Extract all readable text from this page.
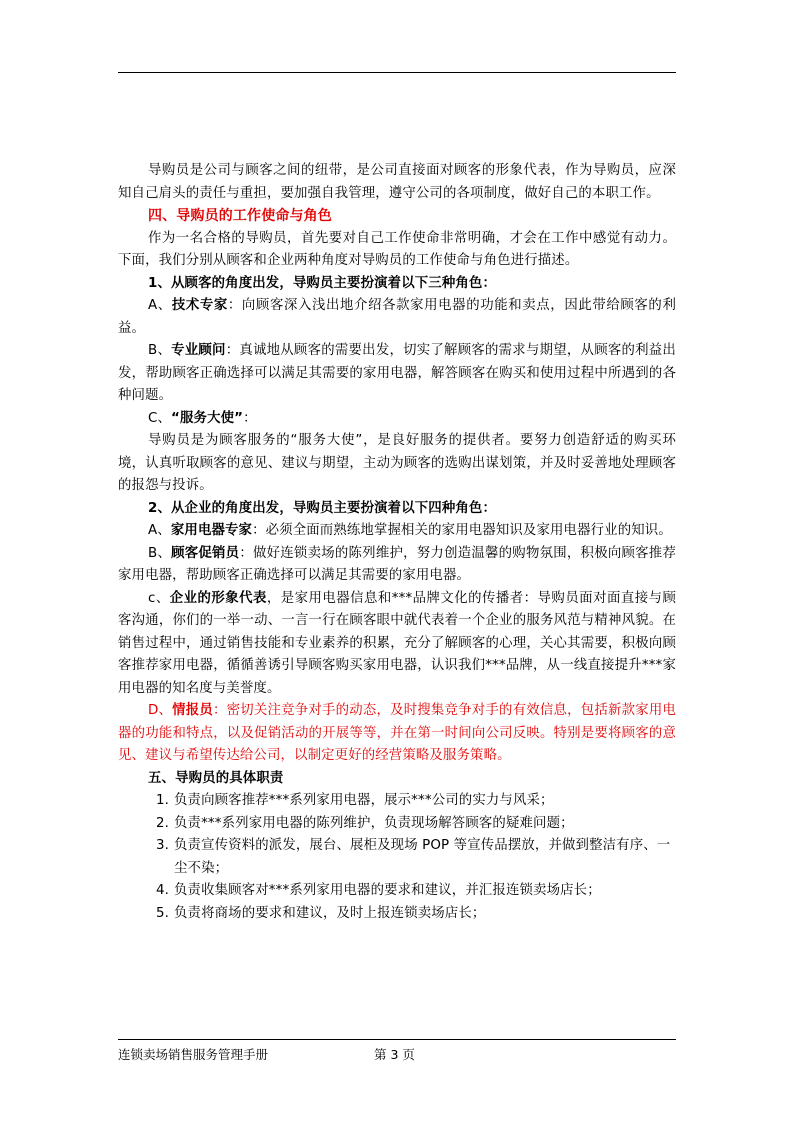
导购员是公司与顾客之间的纽带，是公司直接面对顾客的形象代表，作为导购员，应深知自己肩头的责任与重担，要加强自我管理，遵守公司的各项制度，做好自己的本职工作。

四、导购员的工作使命与角色

作为一名合格的导购员，首先要对自己工作使命非常明确，才会在工作中感觉有动力。下面，我们分别从顾客和企业两种角度对导购员的工作使命与角色进行描述。

1、从顾客的角度出发，导购员主要扮演着以下三种角色：

A、技术专家：向顾客深入浅出地介绍各款家用电器的功能和卖点，因此带给顾客的利益。

B、专业顾问：真诚地从顾客的需要出发，切实了解顾客的需求与期望，从顾客的利益出发，帮助顾客正确选择可以满足其需要的家用电器，解答顾客在购买和使用过程中所遇到的各种问题。

C、“服务大使”：

导购员是为顾客服务的“服务大使”，是良好服务的提供者。要努力创造舒适的购买环境，认真听取顾客的意见、建议与期望，主动为顾客的选购出谋划策，并及时妥善地处理顾客的报怨与投诉。

2、从企业的角度出发，导购员主要扮演着以下四种角色：

A、家用电器专家：必须全面而熟练地掌握相关的家用电器知识及家用电器行业的知识。

B、顾客促销员：做好连锁卖场的陈列维护，努力创造温馨的购物氛围，积极向顾客推荐家用电器，帮助顾客正确选择可以满足其需要的家用电器。

c、企业的形象代表，是家用电器信息和***品牌文化的传播者：导购员面对面直接与顾客沟通，你们的一举一动、一言一行在顾客眼中就代表着一个企业的服务风范与精神风貌。在销售过程中，通过销售技能和专业素养的积累，充分了解顾客的心理，关心其需要，积极向顾客推荐家用电器，循循善诱引导顾客购买家用电器，认识我们***品牌，从一线直接提升***家用电器的知名度与美誉度。

D、情报员：密切关注竞争对手的动态，及时搜集竞争对手的有效信息，包括新款家用电器的功能和特点，以及促销活动的开展等等，并在第一时间向公司反映。特别是要将顾客的意见、建议与希望传达给公司，以制定更好的经营策略及服务策略。

五、导购员的具体职责

1. 负责向顾客推荐***系列家用电器，展示***公司的实力与风采；
2. 负责***系列家用电器的陈列维护，负责现场解答顾客的疑难问题；
3. 负责宣传资料的派发，展台、展柜及现场 POP 等宣传品摆放，并做到整洁有序、一尘不染；
4. 负责收集顾客对***系列家用电器的要求和建议，并汇报连锁卖场店长；
5. 负责将商场的要求和建议，及时上报连锁卖场店长；
连锁卖场销售服务管理手册	第 3 页
